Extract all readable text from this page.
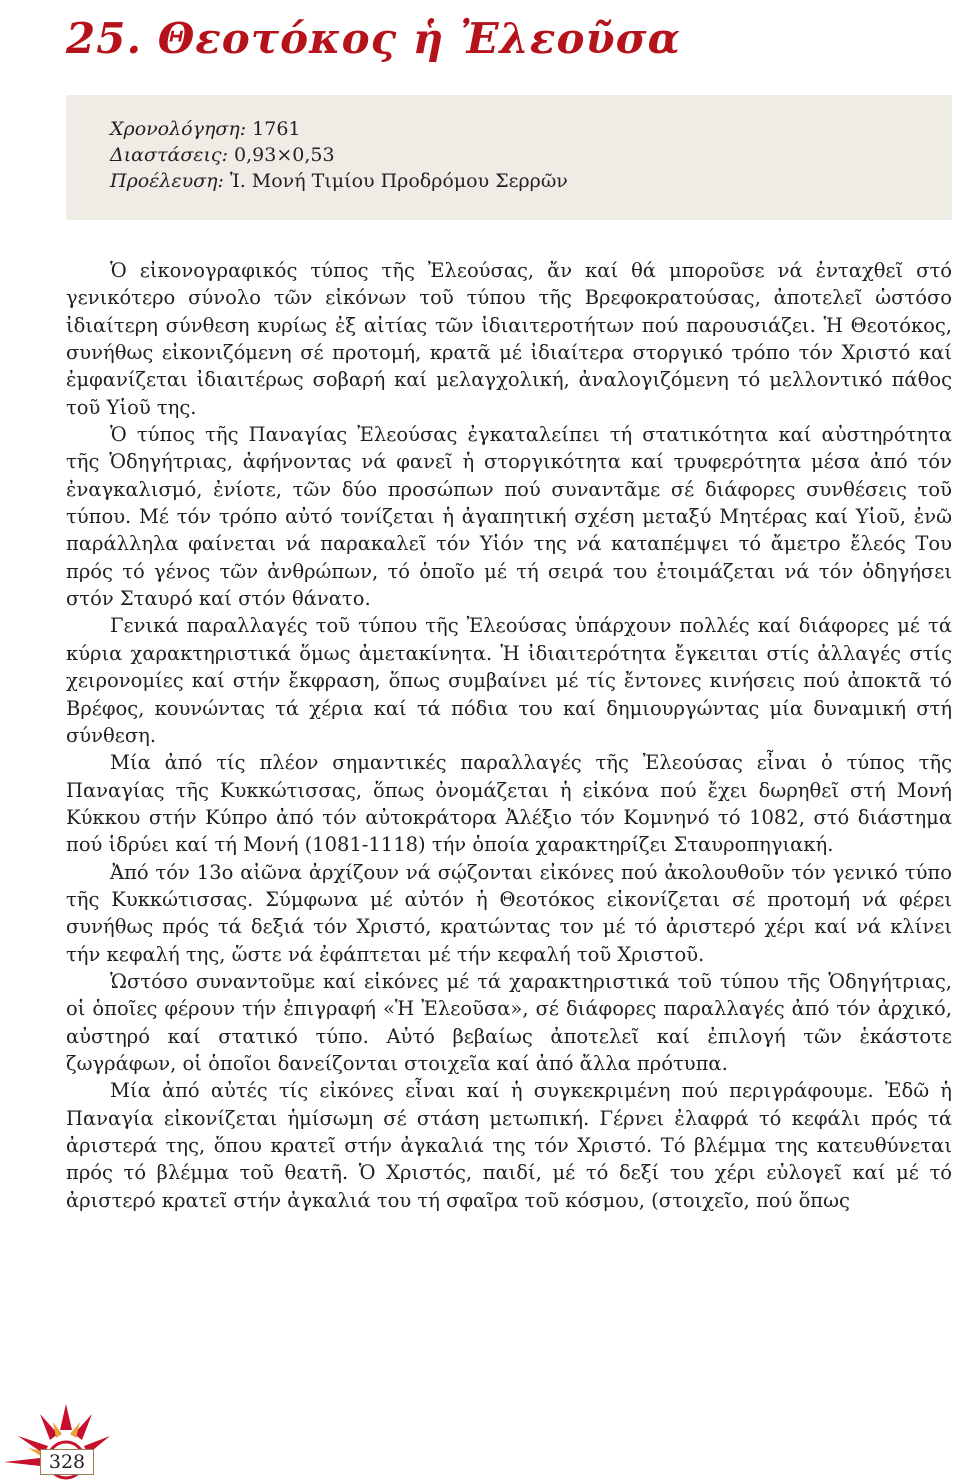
25. Θεοτόκος ἡ Ἐλεοῦσα
Χρονολόγηση: 1761
Διαστάσεις: 0,93×0,53
Προέλευση: Ἱ. Μονή Τιμίου Προδρόμου Σερρῶν

Ὁ εἰκονογραφικός τύπος τῆς Ἐλεούσας, ἄν καί θά μποροῦσε νά ἐνταχθεῖ στό γενικότερο σύνολο τῶν εἰκόνων τοῦ τύπου τῆς Βρεφοκρατούσας, ἀποτελεῖ ὡστόσο ἰδιαίτερη σύνθεση κυρίως ἐξ αἰτίας τῶν ἰδιαιτεροτήτων πού παρουσιάζει. Ἡ Θεοτόκος, συνήθως εἰκονιζόμενη σέ προτομή, κρατᾶ μέ ἰδιαίτερα στοργικό τρόπο τόν Χριστό καί ἐμφανίζεται ἰδιαιτέρως σοβαρή καί μελαγχολική, ἀναλογιζόμενη τό μελλοντικό πάθος τοῦ Υἱοῦ της.

Ὁ τύπος τῆς Παναγίας Ἐλεούσας ἐγκαταλείπει τή στατικότητα καί αὐστηρότητα τῆς Ὁδηγήτριας, ἀφήνοντας νά φανεῖ ἡ στοργικότητα καί τρυφερότητα μέσα ἀπό τόν ἐναγκαλισμό, ἐνίοτε, τῶν δύο προσώπων πού συναντᾶμε σέ διάφορες συνθέσεις τοῦ τύπου. Μέ τόν τρόπο αὐτό τονίζεται ἡ ἀγαπητική σχέση μεταξύ Μητέρας καί Υἱοῦ, ἐνῶ παράλληλα φαίνεται νά παρακαλεῖ τόν Υἱόν της νά καταπέμψει τό ἄμετρο ἔλεός Του πρός τό γένος τῶν ἀνθρώπων, τό ὁποῖο μέ τή σειρά του ἑτοιμάζεται νά τόν ὁδηγήσει στόν Σταυρό καί στόν θάνατο.

Γενικά παραλλαγές τοῦ τύπου τῆς Ἐλεούσας ὑπάρχουν πολλές καί διάφορες μέ τά κύρια χαρακτηριστικά ὅμως ἀμετακίνητα. Ἡ ἰδιαιτερότητα ἔγκειται στίς ἀλλαγές στίς χειρονομίες καί στήν ἔκφραση, ὅπως συμβαίνει μέ τίς ἔντονες κινήσεις πού ἀποκτᾶ τό Βρέφος, κουνώντας τά χέρια καί τά πόδια του καί δημιουργώντας μία δυναμική στή σύνθεση.

Μία ἀπό τίς πλέον σημαντικές παραλλαγές τῆς Ἐλεούσας εἶναι ὁ τύπος τῆς Παναγίας τῆς Κυκκώτισσας, ὅπως ὀνομάζεται ἡ εἰκόνα πού ἔχει δωρηθεῖ στή Μονή Κύκκου στήν Κύπρο ἀπό τόν αὐτοκράτορα Ἀλέξιο τόν Κομνηνό τό 1082, στό διάστημα πού ἱδρύει καί τή Μονή (1081-1118) τήν ὁποία χαρακτηρίζει Σταυροπηγιακή.

Ἀπό τόν 13ο αἰῶνα ἀρχίζουν νά σῴζονται εἰκόνες πού ἀκολουθοῦν τόν γενικό τύπο τῆς Κυκκώτισσας. Σύμφωνα μέ αὐτόν ἡ Θεοτόκος εἰκονίζεται σέ προτομή νά φέρει συνήθως πρός τά δεξιά τόν Χριστό, κρατώντας τον μέ τό ἀριστερό χέρι καί νά κλίνει τήν κεφαλή της, ὥστε νά ἐφάπτεται μέ τήν κεφαλή τοῦ Χριστοῦ.

Ὡστόσο συναντοῦμε καί εἰκόνες μέ τά χαρακτηριστικά τοῦ τύπου τῆς Ὁδηγήτριας, οἱ ὁποῖες φέρουν τήν ἐπιγραφή «Ἡ Ἐλεοῦσα», σέ διάφορες παραλλαγές ἀπό τόν ἀρχικό, αὐστηρό καί στατικό τύπο. Αὐτό βεβαίως ἀποτελεῖ καί ἐπιλογή τῶν ἑκάστοτε ζωγράφων, οἱ ὁποῖοι δανείζονται στοιχεῖα καί ἀπό ἄλλα πρότυπα.

Μία ἀπό αὐτές τίς εἰκόνες εἶναι καί ἡ συγκεκριμένη πού περιγράφουμε. Ἐδῶ ἡ Παναγία εἰκονίζεται ἡμίσωμη σέ στάση μετωπική. Γέρνει ἐλαφρά τό κεφάλι πρός τά ἀριστερά της, ὅπου κρατεῖ στήν ἀγκαλιά της τόν Χριστό. Τό βλέμμα της κατευθύνεται πρός τό βλέμμα τοῦ θεατῆ. Ὁ Χριστός, παιδί, μέ τό δεξί του χέρι εὐλογεῖ καί μέ τό ἀριστερό κρατεῖ στήν ἀγκαλιά του τή σφαῖρα τοῦ κόσμου, (στοιχεῖο, πού ὅπως

328
